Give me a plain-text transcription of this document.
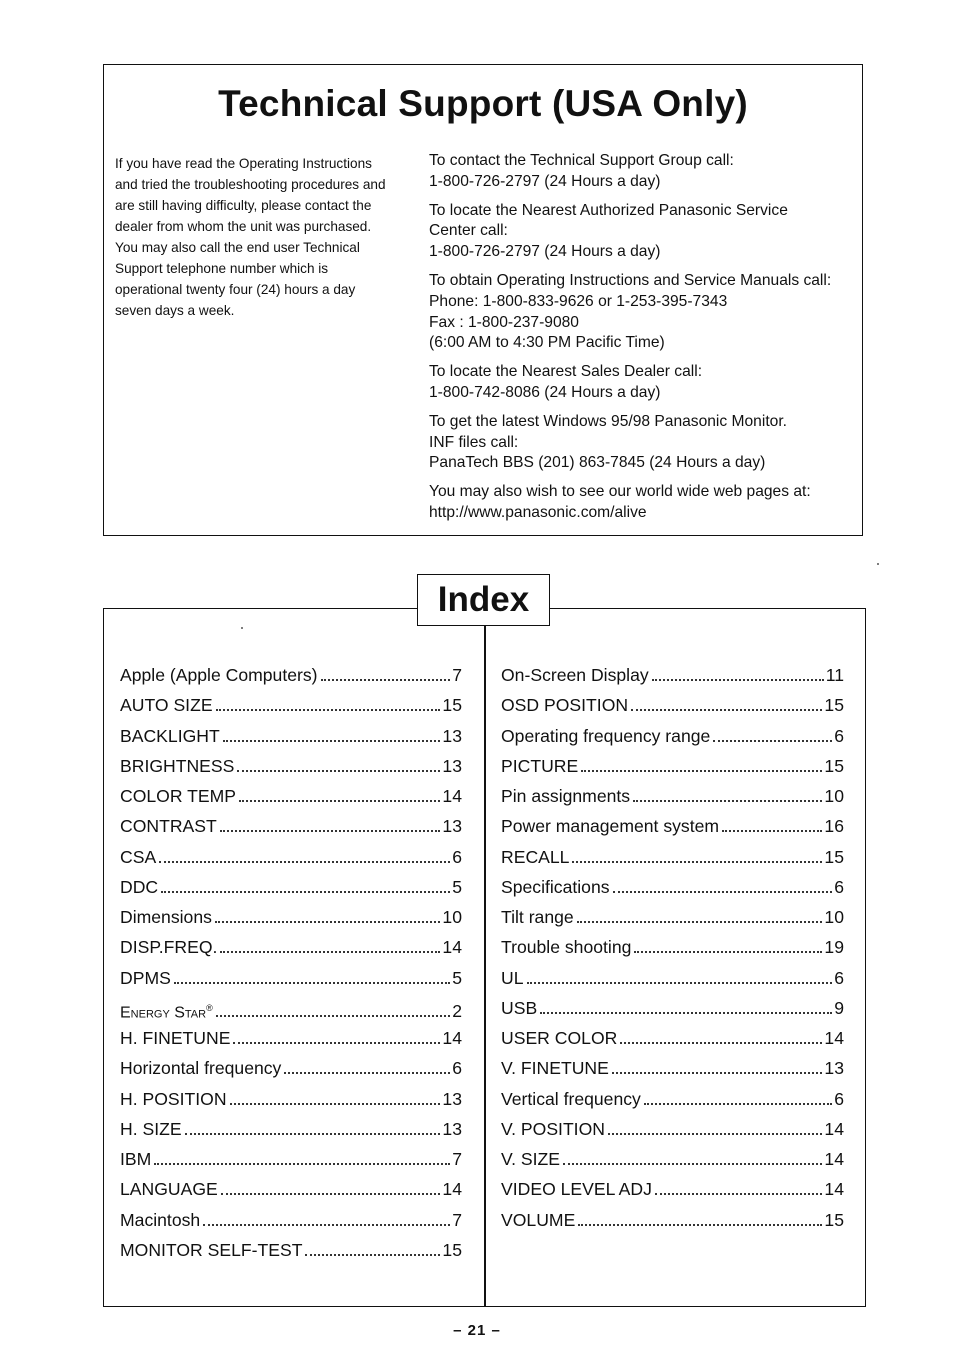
Technical Support (USA Only)
If you have read the Operating Instructions
and tried the troubleshooting procedures and
are still having difficulty, please contact the
dealer from whom the unit was purchased.
You may also call the end user Technical
Support telephone number which is
operational twenty four (24) hours a day
seven days a week.
To contact the Technical Support Group call:
1-800-726-2797 (24 Hours a day)
To locate the Nearest Authorized Panasonic Service
Center call:
1-800-726-2797 (24 Hours a day)
To obtain Operating Instructions and Service Manuals call:
Phone: 1-800-833-9626 or 1-253-395-7343
Fax : 1-800-237-9080
(6:00 AM to 4:30 PM Pacific Time)
To locate the Nearest Sales Dealer call:
1-800-742-8086 (24 Hours a day)
To get the latest Windows 95/98 Panasonic Monitor.
INF files call:
PanaTech BBS (201) 863-7845 (24 Hours a day)
You may also wish to see our world wide web pages at:
http://www.panasonic.com/alive
Index
Apple (Apple Computers)	7
AUTO SIZE	15
BACKLIGHT	13
BRIGHTNESS	13
COLOR TEMP	14
CONTRAST	13
CSA	6
DDC	5
Dimensions	10
DISP.FREQ.	14
DPMS	5
Energy Star®	2
H. FINETUNE	14
Horizontal frequency	6
H. POSITION	13
H. SIZE	13
IBM	7
LANGUAGE	14
Macintosh	7
MONITOR SELF-TEST	15
On-Screen Display	11
OSD POSITION	15
Operating frequency range	6
PICTURE	15
Pin assignments	10
Power management system	16
RECALL	15
Specifications	6
Tilt range	10
Trouble shooting	19
UL	6
USB	9
USER COLOR	14
V. FINETUNE	13
Vertical frequency	6
V. POSITION	14
V. SIZE	14
VIDEO LEVEL ADJ	14
VOLUME	15
– 21 –
